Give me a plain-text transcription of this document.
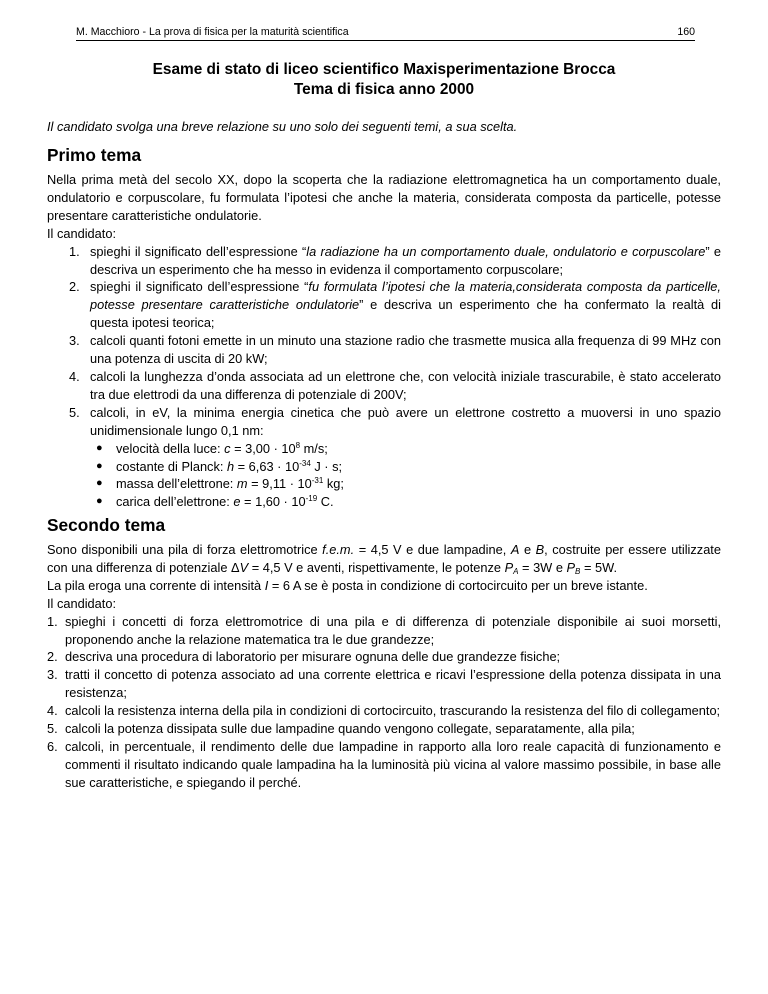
M. Macchioro - La prova di fisica per la maturità scientifica	160
Esame di stato di liceo scientifico Maxisperimentazione Brocca
Tema di fisica anno 2000
Il candidato svolga una breve relazione su uno solo dei seguenti temi, a sua scelta.
Primo tema

Nella prima metà del secolo XX, dopo la scoperta che la radiazione elettromagnetica ha un comportamento duale, ondulatorio e corpuscolare, fu formulata l’ipotesi che anche la materia, considerata composta da particelle, potesse presentare caratteristiche ondulatorie.

Il candidato:

1. spieghi il significato dell’espressione “la radiazione ha un comportamento duale, ondulatorio e corpuscolare” e descriva un esperimento che ha messo in evidenza il comportamento corpuscolare;
2. spieghi il significato dell’espressione “fu formulata l’ipotesi che la materia,considerata composta da particelle, potesse presentare caratteristiche ondulatorie” e descriva un esperimento che ha confermato la realtà di questa ipotesi teorica;
3. calcoli quanti fotoni emette in un minuto una stazione radio che trasmette musica alla frequenza di 99 MHz con una potenza di uscita di 20 kW;
4. calcoli la lunghezza d’onda associata ad un elettrone che, con velocità iniziale trascurabile, è stato accelerato tra due elettrodi da una differenza di potenziale di 200V;
5. calcoli, in eV, la minima energia cinetica che può avere un elettrone costretto a muoversi in uno spazio unidimensionale lungo 0,1 nm:
● velocità della luce: $c = 3,00 \cdot 10^8$ m/s;
● costante di Planck: $h = 6,63 \cdot 10^{-34}$ J · s;
● massa dell’elettrone: $m = 9,11 \cdot 10^{-31}$ kg;
● carica dell’elettrone: $e = 1,60 \cdot 10^{-19}$ C.
Secondo tema

Sono disponibili una pila di forza elettromotrice f.e.m. = 4,5 V e due lampadine, A e B, costruite per essere utilizzate con una differenza di potenziale ΔV = 4,5 V e aventi, rispettivamente, le potenze $P_A = 3W$ e $P_B = 5W$.

La pila eroga una corrente di intensità I = 6 A se è posta in condizione di cortocircuito per un breve istante.

Il candidato:

1. spieghi i concetti di forza elettromotrice di una pila e di differenza di potenziale disponibile ai suoi morsetti, proponendo anche la relazione matematica tra le due grandezze;
2. descriva una procedura di laboratorio per misurare ognuna delle due grandezze fisiche;
3. tratti il concetto di potenza associato ad una corrente elettrica e ricavi l’espressione della potenza dissipata in una resistenza;
4. calcoli la resistenza interna della pila in condizioni di cortocircuito, trascurando la resistenza del filo di collegamento;
5. calcoli la potenza dissipata sulle due lampadine quando vengono collegate, separatamente, alla pila;
6. calcoli, in percentuale, il rendimento delle due lampadine in rapporto alla loro reale capacità di funzionamento e commenti il risultato indicando quale lampadina ha la luminosità più vicina al valore massimo possibile, in base alle sue caratteristiche, e spiegando il perché.
